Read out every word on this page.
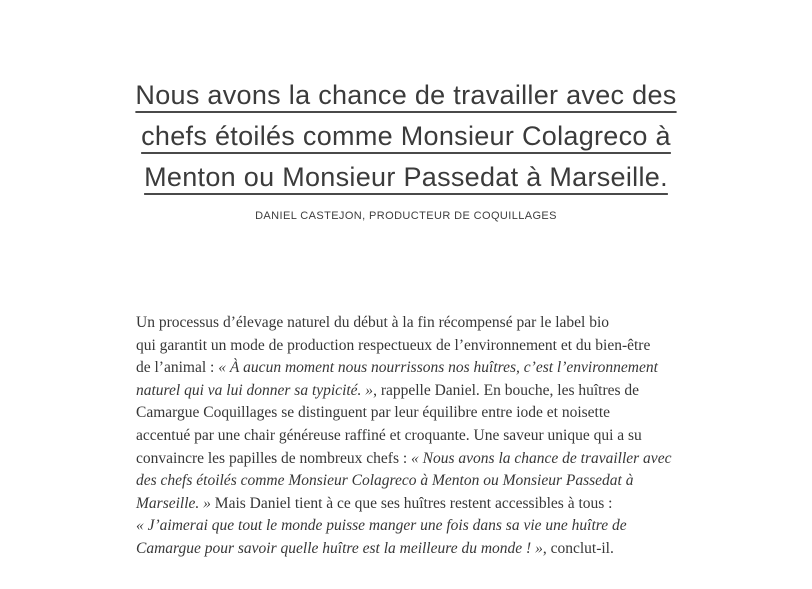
Nous avons la chance de travailler avec des
chefs étoilés comme Monsieur Colagreco à
Menton ou Monsieur Passedat à Marseille.
DANIEL CASTEJON, PRODUCTEUR DE COQUILLAGES
Un processus d’élevage naturel du début à la fin récompensé par le label bio
qui garantit un mode de production respectueux de l’environnement et du bien-être
de l’animal : « À aucun moment nous nourrissons nos huîtres, c’est l’environnement
naturel qui va lui donner sa typicité. », rappelle Daniel. En bouche, les huîtres de
Camargue Coquillages se distinguent par leur équilibre entre iode et noisette
accentué par une chair généreuse raffiné et croquante. Une saveur unique qui a su
convaincre les papilles de nombreux chefs : « Nous avons la chance de travailler avec
des chefs étoilés comme Monsieur Colagreco à Menton ou Monsieur Passedat à
Marseille. » Mais Daniel tient à ce que ses huîtres restent accessibles à tous :
« J’aimerai que tout le monde puisse manger une fois dans sa vie une huître de
Camargue pour savoir quelle huître est la meilleure du monde ! », conclut-il.
